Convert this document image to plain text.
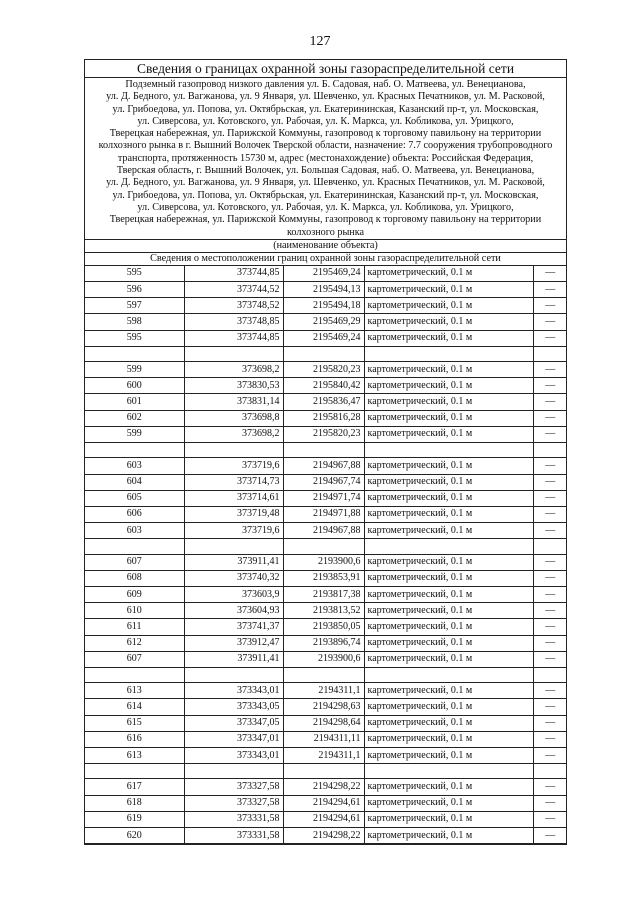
127
Сведения о границах охранной зоны газораспределительной сети
Подземный газопровод низкого давления ул. Б. Садовая, наб. О. Матвеева, ул. Венецианова,
ул. Д. Бедного, ул. Вагжанова, ул. 9 Января, ул. Шевченко, ул. Красных Печатников, ул. М. Расковой,
ул. Грибоедова, ул. Попова, ул. Октябрьская, ул. Екатерининская, Казанский пр-т, ул. Московская,
ул. Сиверсова, ул. Котовского, ул. Рабочая, ул. К. Маркса, ул. Кобликова, ул. Урицкого,
Тверецкая набережная, ул. Парижской Коммуны, газопровод к торговому павильону на территории
колхозного рынка в г. Вышний Волочек Тверской области, назначение: 7.7 сооружения трубопроводного
транспорта, протяженность 15730 м, адрес (местонахождение) объекта: Российская Федерация,
Тверская область, г. Вышний Волочек, ул. Большая Садовая, наб. О. Матвеева, ул. Венецианова,
ул. Д. Бедного, ул. Вагжанова, ул. 9 Января, ул. Шевченко, ул. Красных Печатников, ул. М. Расковой,
ул. Грибоедова, ул. Попова, ул. Октябрьская, ул. Екатерининская, Казанский пр-т, ул. Московская,
ул. Сиверсова, ул. Котовского, ул. Рабочая, ул. К. Маркса, ул. Кобликова, ул. Урицкого,
Тверецкая набережная, ул. Парижской Коммуны, газопровод к торговому павильону на территории
колхозного рынка
(наименование объекта)
Сведения о местоположении границ охранной зоны газораспределительной сети
595	373744,85	2195469,24	картометрический, 0.1 м	—
596	373744,52	2195494,13	картометрический, 0.1 м	—
597	373748,52	2195494,18	картометрический, 0.1 м	—
598	373748,85	2195469,29	картометрический, 0.1 м	—
595	373744,85	2195469,24	картометрический, 0.1 м	—

599	373698,2	2195820,23	картометрический, 0.1 м	—
600	373830,53	2195840,42	картометрический, 0.1 м	—
601	373831,14	2195836,47	картометрический, 0.1 м	—
602	373698,8	2195816,28	картометрический, 0.1 м	—
599	373698,2	2195820,23	картометрический, 0.1 м	—

603	373719,6	2194967,88	картометрический, 0.1 м	—
604	373714,73	2194967,74	картометрический, 0.1 м	—
605	373714,61	2194971,74	картометрический, 0.1 м	—
606	373719,48	2194971,88	картометрический, 0.1 м	—
603	373719,6	2194967,88	картометрический, 0.1 м	—

607	373911,41	2193900,6	картометрический, 0.1 м	—
608	373740,32	2193853,91	картометрический, 0.1 м	—
609	373603,9	2193817,38	картометрический, 0.1 м	—
610	373604,93	2193813,52	картометрический, 0.1 м	—
611	373741,37	2193850,05	картометрический, 0.1 м	—
612	373912,47	2193896,74	картометрический, 0.1 м	—
607	373911,41	2193900,6	картометрический, 0.1 м	—

613	373343,01	2194311,1	картометрический, 0.1 м	—
614	373343,05	2194298,63	картометрический, 0.1 м	—
615	373347,05	2194298,64	картометрический, 0.1 м	—
616	373347,01	2194311,11	картометрический, 0.1 м	—
613	373343,01	2194311,1	картометрический, 0.1 м	—

617	373327,58	2194298,22	картометрический, 0.1 м	—
618	373327,58	2194294,61	картометрический, 0.1 м	—
619	373331,58	2194294,61	картометрический, 0.1 м	—
620	373331,58	2194298,22	картометрический, 0.1 м	—
